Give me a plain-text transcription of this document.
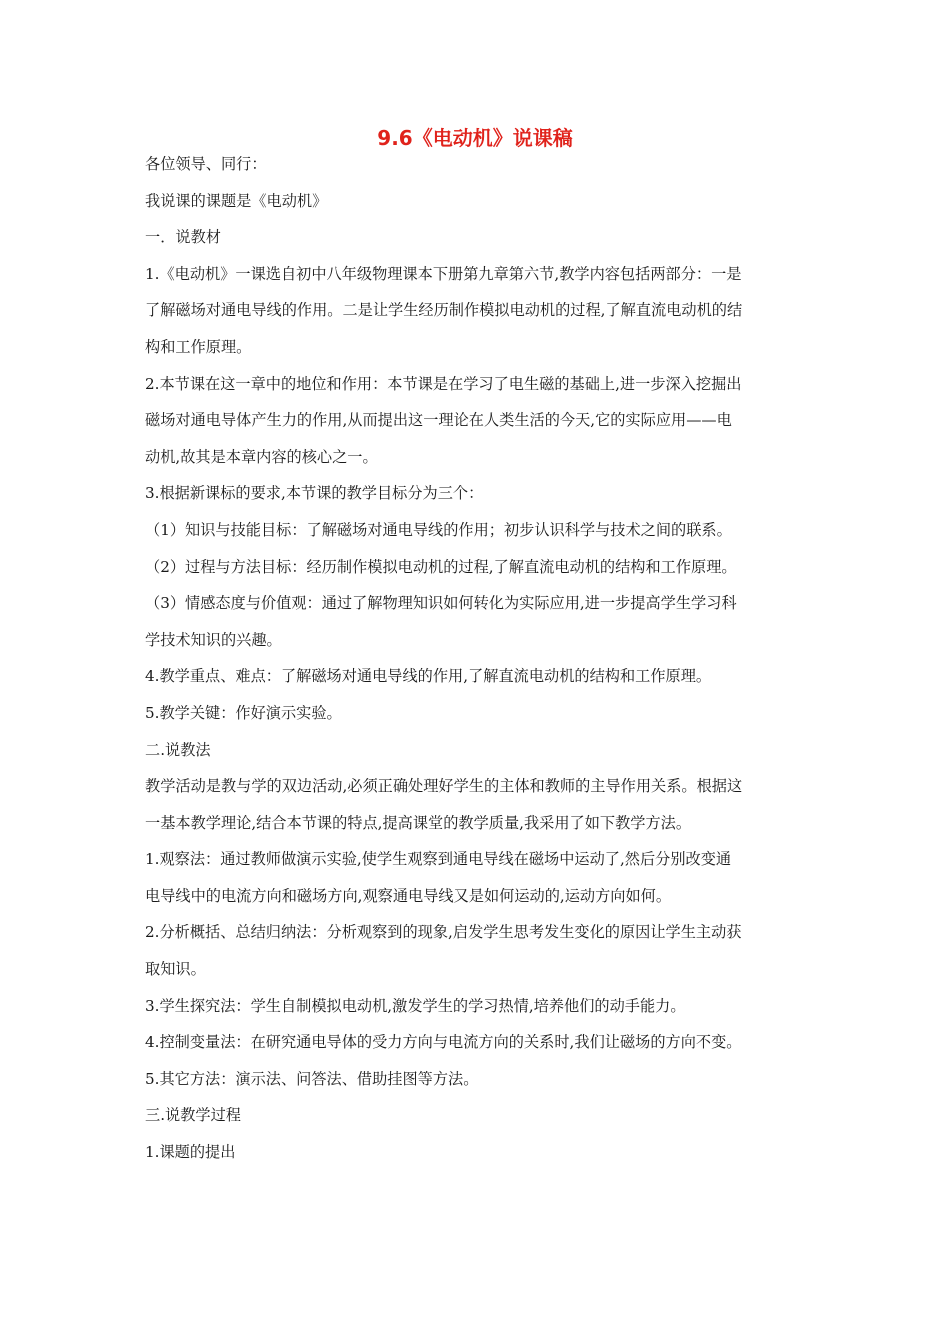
9.6《电动机》说课稿
各位领导、同行：
我说课的课题是《电动机》
一．说教材
1.《电动机》一课选自初中八年级物理课本下册第九章第六节,教学内容包括两部分：一是
了解磁场对通电导线的作用。二是让学生经历制作模拟电动机的过程,了解直流电动机的结
构和工作原理。
2.本节课在这一章中的地位和作用：本节课是在学习了电生磁的基础上,进一步深入挖掘出
磁场对通电导体产生力的作用,从而提出这一理论在人类生活的今天,它的实际应用——电
动机,故其是本章内容的核心之一。
3.根据新课标的要求,本节课的教学目标分为三个：
（1）知识与技能目标：了解磁场对通电导线的作用；初步认识科学与技术之间的联系。
（2）过程与方法目标：经历制作模拟电动机的过程,了解直流电动机的结构和工作原理。
（3）情感态度与价值观：通过了解物理知识如何转化为实际应用,进一步提高学生学习科
学技术知识的兴趣。
4.教学重点、难点：了解磁场对通电导线的作用,了解直流电动机的结构和工作原理。
5.教学关键：作好演示实验。
二.说教法
教学活动是教与学的双边活动,必须正确处理好学生的主体和教师的主导作用关系。根据这
一基本教学理论,结合本节课的特点,提高课堂的教学质量,我采用了如下教学方法。
1.观察法：通过教师做演示实验,使学生观察到通电导线在磁场中运动了,然后分别改变通
电导线中的电流方向和磁场方向,观察通电导线又是如何运动的,运动方向如何。
2.分析概括、总结归纳法：分析观察到的现象,启发学生思考发生变化的原因让学生主动获
取知识。
3.学生探究法：学生自制模拟电动机,激发学生的学习热情,培养他们的动手能力。
4.控制变量法：在研究通电导体的受力方向与电流方向的关系时,我们让磁场的方向不变。
5.其它方法：演示法、问答法、借助挂图等方法。
三.说教学过程
1.课题的提出
